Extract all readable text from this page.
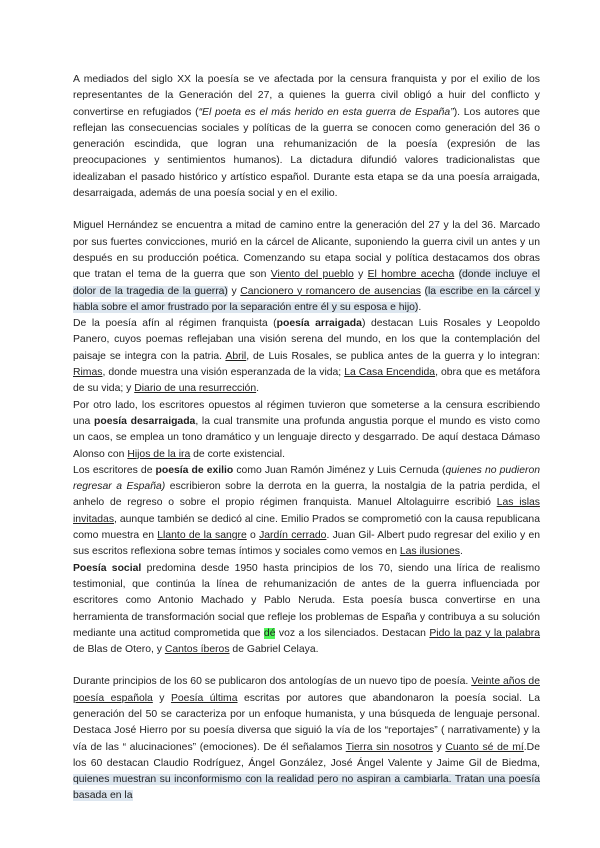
A mediados del siglo XX la poesía se ve afectada por la censura franquista y por el exilio de los representantes de la Generación del 27, a quienes la guerra civil obligó a huir del conflicto y convertirse en refugiados (“El poeta es el más herido en esta guerra de España”). Los autores que reflejan las consecuencias sociales y políticas de la guerra se conocen como generación del 36 o generación escindida, que logran una rehumanización de la poesía (expresión de las preocupaciones y sentimientos humanos). La dictadura difundió valores tradicionalistas que idealizaban el pasado histórico y artístico español. Durante esta etapa se da una poesía arraigada, desarraigada, además de una poesía social y en el exilio.

Miguel Hernández se encuentra a mitad de camino entre la generación del 27 y la del 36. Marcado por sus fuertes convicciones, murió en la cárcel de Alicante, suponiendo la guerra civil un antes y un después en su producción poética. Comenzando su etapa social y política destacamos dos obras que tratan el tema de la guerra que son Viento del pueblo y El hombre acecha (donde incluye el dolor de la tragedia de la guerra) y Cancionero y romancero de ausencias (la escribe en la cárcel y habla sobre el amor frustrado por la separación entre él y su esposa e hijo).

De la poesía afín al régimen franquista (poesía arraigada) destacan Luis Rosales y Leopoldo Panero, cuyos poemas reflejaban una visión serena del mundo, en los que la contemplación del paisaje se integra con la patria. Abril, de Luis Rosales, se publica antes de la guerra y lo integran: Rimas, donde muestra una visión esperanzada de la vida; La Casa Encendida, obra que es metáfora de su vida; y Diario de una resurrección.

Por otro lado, los escritores opuestos al régimen tuvieron que someterse a la censura escribiendo una poesía desarraigada, la cual transmite una profunda angustia porque el mundo es visto como un caos, se emplea un tono dramático y un lenguaje directo y desgarrado. De aquí destaca Dámaso Alonso con Hijos de la ira de corte existencial.

Los escritores de poesía de exilio como Juan Ramón Jiménez y Luis Cernuda (quienes no pudieron regresar a España) escribieron sobre la derrota en la guerra, la nostalgia de la patria perdida, el anhelo de regreso o sobre el propio régimen franquista. Manuel Altolaguirre escribió Las islas invitadas, aunque también se dedicó al cine. Emilio Prados se comprometió con la causa republicana como muestra en Llanto de la sangre o Jardín cerrado. Juan Gil- Albert pudo regresar del exilio y en sus escritos reflexiona sobre temas íntimos y sociales como vemos en Las ilusiones.

Poesía social predomina desde 1950 hasta principios de los 70, siendo una lírica de realismo testimonial, que continúa la línea de rehumanización de antes de la guerra influenciada por escritores como Antonio Machado y Pablo Neruda. Esta poesía busca convertirse en una herramienta de transformación social que refleje los problemas de España y contribuya a su solución mediante una actitud comprometida que dé voz a los silenciados. Destacan Pido la paz y la palabra de Blas de Otero, y Cantos íberos de Gabriel Celaya.

Durante principios de los 60 se publicaron dos antologías de un nuevo tipo de poesía. Veinte años de poesía española y Poesía última escritas por autores que abandonaron la poesía social. La generación del 50 se caracteriza por un enfoque humanista, y una búsqueda de lenguaje personal. Destaca José Hierro por su poesía diversa que siguió la vía de los “reportajes” ( narrativamente) y la vía de las “ alucinaciones” (emociones). De él señalamos Tierra sin nosotros y Cuanto sé de mí.De los 60 destacan Claudio Rodríguez, Ángel González, José Ángel Valente y Jaime Gil de Biedma, quienes muestran su inconformismo con la realidad pero no aspiran a cambiarla. Tratan una poesía basada en la
